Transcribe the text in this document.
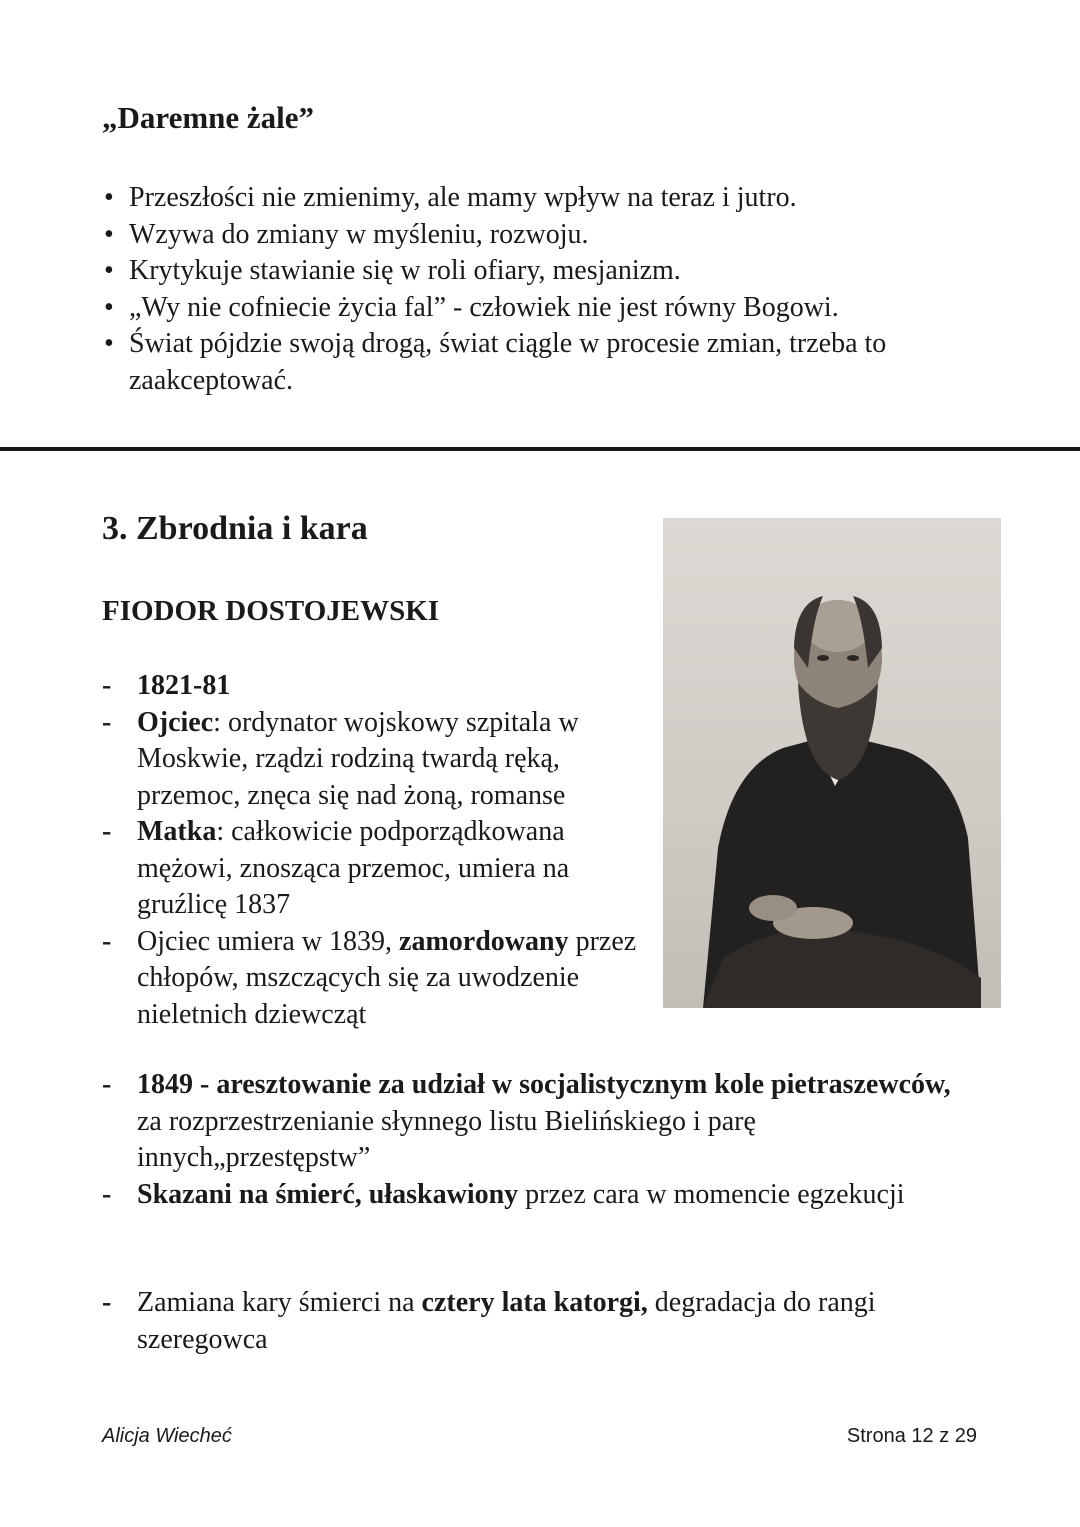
„Daremne żale”
• Przeszłości nie zmienimy, ale mamy wpływ na teraz i jutro.
• Wzywa do zmiany w myśleniu, rozwoju.
• Krytykuje stawianie się w roli ofiary, mesjanizm.
• „Wy nie cofniecie życia fal” - człowiek nie jest równy Bogowi.
• Świat pójdzie swoją drogą, świat ciągle w procesie zmian, trzeba to zaakceptować.
3. Zbrodnia i kara
FIODOR DOSTOJEWSKI
- 1821-81
- Ojciec: ordynator wojskowy szpitala w Moskwie, rządzi rodziną twardą ręką, przemoc, znęca się nad żoną, romanse
- Matka: całkowicie podporządkowana mężowi, znosząca przemoc, umiera na gruźlicę 1837
- Ojciec umiera w 1839, zamordowany przez chłopów, mszczących się za uwodzenie nieletnich dziewcząt
- 1849 - aresztowanie za udział w socjalistycznym kole pietraszewców, za rozprzestrzenianie słynnego listu Bielińskiego i parę innych„przestępstw”
- Skazani na śmierć, ułaskawiony przez cara w momencie egzekucji
- Zamiana kary śmierci na cztery lata katorgi, degradacja do rangi szeregowca
Alicja Wiecheć	Strona 12 z 29
